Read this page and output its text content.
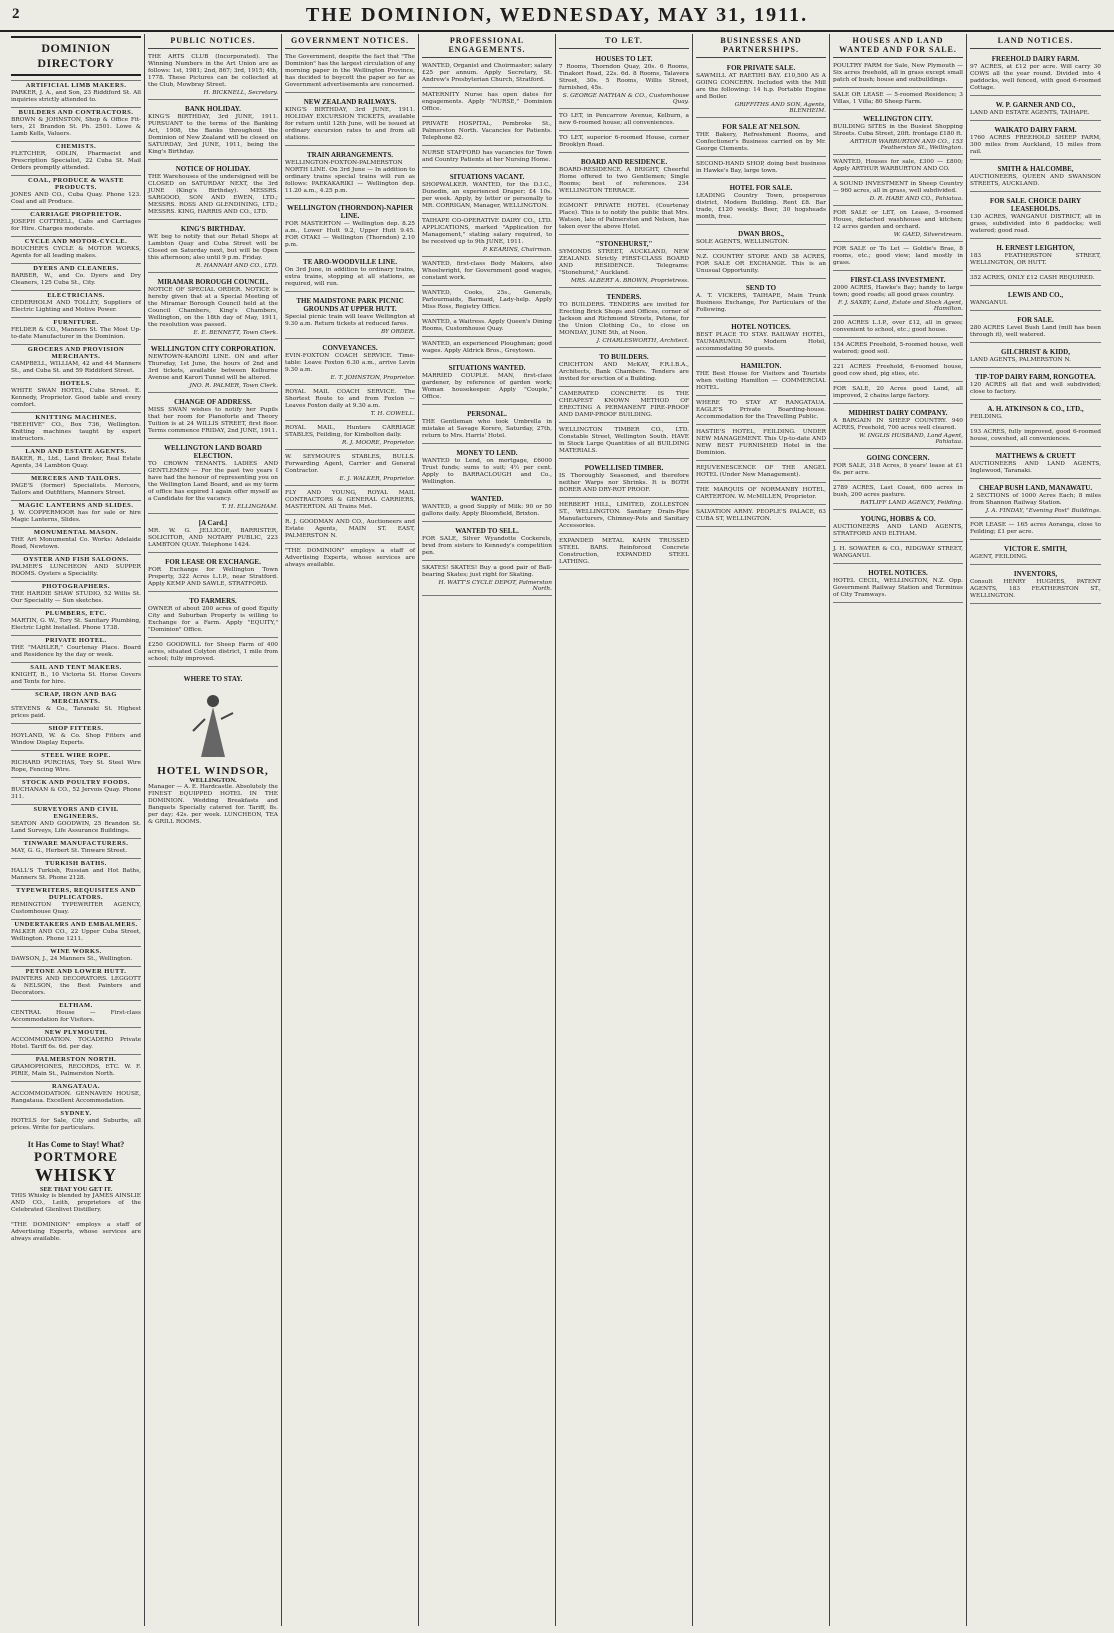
2	THE DOMINION, WEDNESDAY, MAY 31, 1911.
DOMINION DIRECTORY
ARTIFICIAL LIMB MAKERS.
PARKER, J. A., and Son, 23 Riddiford St. All inquiries strictly attended to.
BUILDERS AND CONTRACTORS.
BROWN & JOHNSTON, Shop & Office Fit-ters, 21 Brandon St. Ph. 2501. Lowe & Lamb Kells, Valuers.
CHEMISTS.
FLETCHER, ODLIN, Pharmacist and Prescription Specialist, 22 Cuba St. Mail Orders promptly attended.
COAL, PRODUCE & WASTE PRODUCTS.
JONES AND CO., Cuba Quay. Phone 123. Coal and all Produce.
CARRIAGE PROPRIETOR.
JOSEPH COTTRELL, Cabs and Carriages for Hire. Charges moderate.
CYCLE AND MOTOR-CYCLE.
BOUCHER'S CYCLE & MOTOR WORKS, Agents for all leading makes.
DYERS AND CLEANERS.
BARBER, W., and Co. Dyers and Dry Cleaners, 125 Cuba St., City.
ELECTRICIANS.
CEDERHOLM AND TOLLEY, Suppliers of Electric Lighting and Motive Power.
FURNITURE.
FELDER & CO., Manners St. The Most Up-to-date Manufacturer in the Dominion.
GROCERS AND PROVISION MERCHANTS.
CAMPBELL, WILLIAM, 42 and 44 Manners St., and Cuba St. and 59 Riddiford Street.
HOTELS.
WHITE SWAN HOTEL, Cuba Street. E. Kennedy, Proprietor. Good table and every comfort.
KNITTING MACHINES.
"BEEHIVE" CO., Box 736, Wellington. Knitting machines taught by expert instructors.
LAND AND ESTATE AGENTS.
BAKER, R., Ltd., Land Broker, Real Estate Agents, 34 Lambton Quay.
MERCERS AND TAILORS.
PAGE'S (former) Specialists. Mercers, Tailors and Outfitters, Manners Street.
MAGIC LANTERNS AND SLIDES.
J. W. COPPERMOOR has for sale or hire Magic Lanterns, Slides.
MONUMENTAL MASON.
THE Art Monumental Co. Works: Adelaide Road, Newtown.
OYSTER AND FISH SALOONS.
PALMER'S LUNCHEON AND SUPPER ROOMS. Oysters a Speciality.
PHOTOGRAPHERS.
THE HARDIE SHAW STUDIO, 52 Willis St. Our Speciality — Sun sketches.
PLUMBERS, ETC.
MARTIN, G. W., Tory St. Sanitary Plumbing, Electric Light Installed. Phone 1738.
PRIVATE HOTEL.
THE "MAHLER," Courtenay Place. Board and Residence by the day or week.
SAIL AND TENT MAKERS.
KNIGHT, B., 10 Victoria St. Horse Covers and Tents for hire.
SCRAP, IRON AND BAG MERCHANTS.
STEVENS & Co., Taranaki St. Highest prices paid.
SHOP FITTERS.
HOYLAND, W. & Co. Shop Fitters and Window Display Experts.
STEEL WIRE ROPE.
RICHARD PURCHAS, Tory St. Steel Wire Rope, Fencing Wire.
STOCK AND POULTRY FOODS.
BUCHANAN & CO., 52 Jervois Quay. Phone 311.
SURVEYORS AND CIVIL ENGINEERS.
SEATON AND GOODWIN, 25 Brandon St. Land Surveys, Life Assurance Buildings.
TINWARE MANUFACTURERS.
MAY, G. G., Herbert St. Tinware Street.
TURKISH BATHS.
HALL'S Turkish, Russian and Hot Baths, Manners St. Phone 2128.
TYPEWRITERS, REQUISITES AND DUPLICATORS.
REMINGTON TYPEWRITER AGENCY, Customhouse Quay.
UNDERTAKERS AND EMBALMERS.
FALKER AND CO., 22 Upper Cuba Street, Wellington. Phone 1211.
WINE WORKS.
DAWSON, J., 24 Manners St., Wellington.
PETONE AND LOWER HUTT.
PAINTERS AND DECORATORS. LEGGOTT & NELSON, the Best Painters and Decorators.
ELTHAM.
CENTRAL House — First-class Accommodation for Visitors.
NEW PLYMOUTH.
ACCOMMODATION. TOCADERO Private Hotel. Tariff 6s. 6d. per day.
PALMERSTON NORTH.
GRAMOPHONES, RECORDS, ETC. W. F. PIRIE, Main St., Palmerston North.
RANGATAUA.
ACCOMMODATION. GENNAVEN HOUSE, Rangataua. Excellent Accommodation.
SYDNEY.
HOTELS for Sale, City and Suburbs, all prices. Write for particulars.
It Has Come to Stay! What?
PORTMORE
WHISKY
SEE THAT YOU GET IT.
THIS Whisky is blended by JAMES AINSLIE AND CO., Leith, proprietors of the Celebrated Glenlivet Distillery.
"THE DOMINION" employs a staff of Advertising Experts, whose services are always available.
PUBLIC NOTICES.
THE ARTS CLUB (Incorporated). The Winning Numbers in the Art Union are as follows: 1st, 1981; 2nd, 867; 3rd, 1915; 4th, 1778. These Pictures can be collected at the Club, Mowbray Street.
H. BICKNELL, Secretary.
BANK HOLIDAY.
KING'S BIRTHDAY, 3rd JUNE, 1911. PURSUANT to the terms of the Banking Act, 1908, the Banks throughout the Dominion of New Zealand will be closed on SATURDAY, 3rd JUNE, 1911, being the King's Birthday.
NOTICE OF HOLIDAY.
THE Warehouses of the undersigned will be CLOSED on SATURDAY NEXT, the 3rd JUNE (King's Birthday). MESSRS. SARGOOD, SON AND EWEN, LTD.; MESSRS. ROSS AND GLENDINING, LTD.; MESSRS. KING, HARRIS AND CO., LTD.
KING'S BIRTHDAY.
WE beg to notify that our Retail Shops at Lambton Quay and Cuba Street will be Closed on Saturday next, but will be Open this afternoon; also until 9 p.m. Friday.
R. HANNAH AND CO., LTD.
MIRAMAR BOROUGH COUNCIL.
NOTICE OF SPECIAL ORDER. NOTICE is hereby given that at a Special Meeting of the Miramar Borough Council held at the Council Chambers, King's Chambers, Wellington, on the 18th day of May, 1911, the resolution was passed.
E. E. BENNETT, Town Clerk.
WELLINGTON CITY CORPORATION.
NEWTOWN-KARORI LINE. ON and after Thursday, 1st June, the hours of 2nd and 3rd tickets, available between Kelburne Avenue and Karori Tunnel will be altered.
JNO. R. PALMER, Town Clerk.
CHANGE OF ADDRESS.
MISS SWAN wishes to notify her Pupils that her room for Pianoforte and Theory Tuition is at 24 WILLIS STREET, first floor. Terms commence FRIDAY, 2nd JUNE, 1911.
WELLINGTON LAND BOARD ELECTION.
TO CROWN TENANTS. LADIES AND GENTLEMEN — For the past two years I have had the honour of representing you on the Wellington Land Board, and as my term of office has expired I again offer myself as a Candidate for the vacancy.
T. H. ELLINGHAM.
[A Card.]
MR. W. G. JELLICOE, BARRISTER, SOLICITOR, AND NOTARY PUBLIC, 223 LAMBTON QUAY. Telephone 1424.
FOR LEASE OR EXCHANGE.
FOR Exchange for Wellington Town Property, 322 Acres L.I.P., near Stratford. Apply KEMP AND SAWLE, STRATFORD.
TO FARMERS.
OWNER of about 200 acres of good Equity City and Suburban Property is willing to Exchange for a Farm. Apply "EQUITY," "Dominion" Office.
£250 GOODWILL for Sheep Farm of 400 acres, situated Colyton district, 1 mile from school; fully improved.
WHERE TO STAY.
HOTEL WINDSOR,
WELLINGTON.
Manager — A. E. Hardcastle. Absolutely the FINEST EQUIPPED HOTEL IN THE DOMINION. Wedding Breakfasts and Banquets Specially catered for. Tariff, 8s. per day; 42s. per week. LUNCHEON, TEA & GRILL ROOMS.
GOVERNMENT NOTICES.
The Government, despite the fact that "The Dominion" has the largest circulation of any morning paper in the Wellington Province, has decided to boycott the paper so far as Government advertisements are concerned.
NEW ZEALAND RAILWAYS.
KING'S BIRTHDAY, 3rd JUNE, 1911. HOLIDAY EXCURSION TICKETS, available for return until 12th June, will be issued at ordinary excursion rates to and from all stations.
TRAIN ARRANGEMENTS.
WELLINGTON-FOXTON-PALMERSTON NORTH LINE. On 3rd June — In addition to ordinary trains special trains will run as follows: PAEKAKARIKI — Wellington dep. 11.20 a.m., 4.25 p.m.
WELLINGTON (THORNDON)-NAPIER LINE.
FOR MASTERTON — Wellington dep. 8.25 a.m., Lower Hutt 9.2, Upper Hutt 9.45. FOR OTAKI — Wellington (Thorndon) 2.10 p.m.
TE ARO-WOODVILLE LINE.
On 3rd June, in addition to ordinary trains, extra trains, stopping at all stations, as required, will run.
THE MAIDSTONE PARK PICNIC GROUNDS AT UPPER HUTT.
Special picnic train will leave Wellington at 9.30 a.m. Return tickets at reduced fares.
BY ORDER.
CONVEYANCES.
EVIN-FOXTON COACH SERVICE. Time-table: Leave Foxton 6.30 a.m., arrive Levin 9.30 a.m.
E. T. JOHNSTON, Proprietor.
ROYAL MAIL COACH SERVICE. The Shortest Route to and from Foxton — Leaves Foxton daily at 9.30 a.m.
T. H. COWELL.
ROYAL MAIL, Hunters CARRIAGE STABLES, Feilding, for Kimbolton daily.
R. J. MOORE, Proprietor.
W. SEYMOUR'S STABLES, BULLS. Forwarding Agent, Carrier and General Contractor.
E. J. WALKER, Proprietor.
FLY AND YOUNG, ROYAL MAIL CONTRACTORS & GENERAL CARRIERS, MASTERTON. All Trains Met.
R. J. GOODMAN AND CO., Auctioneers and Estate Agents, MAIN ST. EAST, PALMERSTON N.
"THE DOMINION" employs a staff of Advertising Experts, whose services are always available.
PROFESSIONAL ENGAGEMENTS.
WANTED, Organist and Choirmaster; salary £25 per annum. Apply Secretary, St. Andrew's Presbyterian Church, Stratford.
MATERNITY Nurse has open dates for engagements. Apply "NURSE," Dominion Office.
PRIVATE HOSPITAL, Pembroke St., Palmerston North. Vacancies for Patients. Telephone 82.
NURSE STAFFORD has vacancies for Town and Country Patients at her Nursing Home.
SITUATIONS VACANT.
SHOPWALKER. WANTED, for the D.I.C., Dunedin, an experienced Draper; £4 10s. per week. Apply, by letter or personally to MR. CORRIGAN, Manager, WELLINGTON.
TAIHAPE CO-OPERATIVE DAIRY CO., LTD. APPLICATIONS, marked "Application for Management," stating salary required, to be received up to 9th JUNE, 1911.
P. KEARINS, Chairman.
WANTED, first-class Body Makers, also Wheelwright, for Government good wages, constant work.
WANTED, Cooks, 25s., Generals, Parlourmaids, Barmaid, Lady-help. Apply Miss Ross, Registry Office.
WANTED, a Waitress. Apply Queen's Dining Rooms, Customhouse Quay.
WANTED, an experienced Ploughman; good wages. Apply Aldrick Bros., Greytown.
SITUATIONS WANTED.
MARRIED COUPLE. MAN, first-class gardener, by reference of garden work; Woman housekeeper. Apply "Couple," Office.
PERSONAL.
THE Gentleman who took Umbrella in mistake at Savage Korero, Saturday, 27th, return to Mrs. Harris' Hotel.
MONEY TO LEND.
WANTED to Lend, on mortgage, £6000 Trust funds; sums to suit; 4½ per cent. Apply to BARRACLOUGH and Co., Wellington.
WANTED.
WANTED, a good Supply of Milk: 90 or 50 gallons daily. Apply Bloomfield, Brixton.
WANTED TO SELL.
FOR SALE, Silver Wyandotte Cockerels, bred from sisters to Kennedy's competition pen.
SKATES! SKATES! Buy a good pair of Ball-bearing Skates; just right for Skating.
H. WATT'S CYCLE DEPOT, Palmerston North.
TO LET.
HOUSES TO LET.
7 Rooms, Thorndon Quay, 20s. 6 Rooms, Tinakori Road, 22s. 6d. 8 Rooms, Talavera Street, 30s. 5 Rooms, Willis Street, furnished, 45s.
S. GEORGE NATHAN & CO., Customhouse Quay.
TO LET, in Pencarrow Avenue, Kelburn, a new 6-roomed house; all conveniences.
TO LET, superior 6-roomed House, corner Brooklyn Road.
BOARD AND RESIDENCE.
BOARD-RESIDENCE. A BRIGHT, Cheerful Home offered to two Gentlemen; Single Rooms; best of references. 234 WELLINGTON TERRACE.
EGMONT PRIVATE HOTEL (Courtenay Place). This is to notify the public that Mrs. Watson, late of Palmerston and Nelson, has taken over the above Hotel.
"STONEHURST,"
SYMONDS STREET, AUCKLAND, NEW ZEALAND. Strictly FIRST-CLASS BOARD AND RESIDENCE. Telegrams: "Stonehurst," Auckland.
MRS. ALBERT A. BROWN, Proprietress.
TENDERS.
TO BUILDERS. TENDERS are invited for Erecting Brick Shops and Offices, corner of Jackson and Richmond Streets, Petone, for the Union Clothing Co., to close on MONDAY, JUNE 5th, at Noon.
J. CHARLESWORTH, Architect.
TO BUILDERS.
CRICHTON AND McKAY, F.R.I.B.A., Architects, Bank Chambers. Tenders are invited for erection of a Building.
CAMERATED CONCRETE IS THE CHEAPEST KNOWN METHOD OF ERECTING A PERMANENT FIRE-PROOF AND DAMP-PROOF BUILDING.
WELLINGTON TIMBER CO., LTD. Constable Street, Wellington South. HAVE in Stock Large Quantities of all BUILDING MATERIALS.
POWELLISED TIMBER.
IS Thoroughly Seasoned, and therefore neither Warps nor Shrinks. It is BOTH BORER AND DRY-ROT PROOF.
HERBERT HILL, LIMITED, ZOLLESTON ST., WELLINGTON. Sanitary Drain-Pipe Manufacturers, Chimney-Pots and Sanitary Accessories.
EXPANDED METAL KAHN TRUSSED STEEL BARS. Reinforced Concrete Construction, EXPANDED STEEL LATHING.
BUSINESSES AND PARTNERSHIPS.
FOR PRIVATE SALE.
SAWMILL AT RAETIHI BAY. £10,500 AS A GOING CONCERN. Included with the Mill are the following: 14 h.p. Portable Engine and Boiler.
GRIFFITHS AND SON, Agents, BLENHEIM.
FOR SALE AT NELSON.
THE Bakery, Refreshment Rooms, and Confectioner's Business carried on by Mr. George Clements.
SECOND-HAND SHOP, doing best business in Hawke's Bay, large town.
HOTEL FOR SALE.
LEADING Country Town, prosperous district, Modern Building. Rent £8. Bar trade, £120 weekly. Beer, 30 hogsheads month, free.
DWAN BROS.,
SOLE AGENTS, WELLINGTON.
N.Z. COUNTRY STORE AND 38 ACRES, FOR SALE OR EXCHANGE. This is an Unusual Opportunity.
SEND TO
A. T. VICKERS, TAIHAPE, Main Trunk Business Exchange, For Particulars of the Following.
HOTEL NOTICES.
BEST PLACE TO STAY. RAILWAY HOTEL, TAUMARUNUI. Modern Hotel, accommodating 50 guests.
HAMILTON.
THE Best House for Visitors and Tourists when visiting Hamilton — COMMERCIAL HOTEL.
WHERE TO STAY AT RANGATAUA. EAGLE'S Private Boarding-house. Accommodation for the Travelling Public.
HASTIE'S HOTEL, FEILDING. UNDER NEW MANAGEMENT. This Up-to-date AND NEW BEST FURNISHED Hotel in the Dominion.
REJUVENESCENCE OF THE ANGEL HOTEL (Under New Management).
THE MARQUIS OF NORMANBY HOTEL, CARTERTON. W. McMILLEN, Proprietor.
SALVATION ARMY. PEOPLE'S PALACE, 63 CUBA ST, WELLINGTON.
HOUSES AND LAND WANTED AND FOR SALE.
POULTRY FARM for Sale, New Plymouth — Six acres freehold, all in grass except small patch of bush; house and outbuildings.
SALE OR LEASE — 5-roomed Residence; 3 Villas, 1 Villa; 80 Sheep Farm.
WELLINGTON CITY.
BUILDING SITES in the Busiest Shopping Streets. Cuba Street, 20ft. frontage £180 ft.
ARTHUR WARBURTON AND CO., 153 Featherston St., Wellington.
WANTED, Houses for sale, £300 — £800; Apply ARTHUR WARBURTON AND CO.
A SOUND INVESTMENT in Sheep Country — 960 acres, all in grass, well subdivided.
D. R. HABE AND CO., Pahiatua.
FOR SALE or LET, on Lease, 5-roomed House, detached washhouse and kitchen; 12 acres garden and orchard.
W. GAED, Silverstream.
FOR SALE or To Let — Goldie's Brae, 8 rooms, etc.; good view; land mostly in grass.
FIRST-CLASS INVESTMENT.
2000 ACRES, Hawke's Bay; handy to large town; good roads; all good grass country.
F. J. SAXBY, Land, Estate and Stock Agent, Hamilton.
200 ACRES L.I.P., over £12, all in grass; convenient to school, etc.; good house.
154 ACRES Freehold, 5-roomed house, well watered; good soil.
221 ACRES Freehold, 6-roomed house, good cow shed, pig sties, etc.
FOR SALE, 20 Acres good Land, all improved, 2 chains large factory.
MIDHIRST DAIRY COMPANY.
A BARGAIN IN SHEEP COUNTRY. 940 ACRES, Freehold, 700 acres well cleared.
W. INGLIS HUSBAND, Land Agent, Pahiatua.
GOING CONCERN.
FOR SALE, 318 Acres, 8 years' lease at £1 6s. per acre.
2789 ACRES, Last Coast, 600 acres in bush, 200 acres pasture.
RATLIFF LAND AGENCY, Feilding.
YOUNG, HOBBS & CO.
AUCTIONEERS AND LAND AGENTS, STRATFORD AND ELTHAM.
J. H. SOWATER & CO., RIDGWAY STREET, WANGANUI.
HOTEL NOTICES.
HOTEL CECIL, WELLINGTON, N.Z. Opp. Government Railway Station and Terminus of City Tramways.
LAND NOTICES.
FREEHOLD DAIRY FARM.
97 ACRES, at £12 per acre. Will carry 30 COWS all the year round. Divided into 4 paddocks, well fenced, with good 6-roomed Cottage.
W. P. GARNER AND CO.,
LAND AND ESTATE AGENTS, TAIHAPE.
WAIKATO DAIRY FARM.
1760 ACRES FREEHOLD SHEEP FARM, 300 miles from Auckland, 15 miles from rail.
SMITH & HALCOMBE,
AUCTIONEERS, QUEEN AND SWANSON STREETS, AUCKLAND.
FOR SALE. CHOICE DAIRY LEASEHOLDS.
130 ACRES, WANGANUI DISTRICT, all in grass, subdivided into 6 paddocks; well watered; good road.
H. ERNEST LEIGHTON,
183 FEATHERSTON STREET, WELLINGTON, OR HUTT.
352 ACRES, ONLY £12 CASH REQUIRED.
LEWIS AND CO.,
WANGANUI.
FOR SALE.
280 ACRES Level Bush Land (mill has been through it), well watered.
GILCHRIST & KIDD,
LAND AGENTS, PALMERSTON N.
TIP-TOP DAIRY FARM, RONGOTEA.
120 ACRES all flat and well subdivided; close to factory.
A. H. ATKINSON & CO., LTD.,
FEILDING.
193 ACRES, fully improved, good 6-roomed house, cowshed, all conveniences.
MATTHEWS & CRUETT
AUCTIONEERS AND LAND AGENTS, Inglewood, Taranaki.
CHEAP BUSH LAND, MANAWATU.
2 SECTIONS of 1000 Acres Each; 8 miles from Shannon Railway Station.
J. A. FINDAY, "Evening Post" Buildings.
FOR LEASE — 165 acres Aoranga, close to Feilding; £1 per acre.
VICTOR E. SMITH,
AGENT, FEILDING.
INVENTORS,
Consult HENRY HUGHES, PATENT AGENTS, 183 FEATHERSTON ST., WELLINGTON.
